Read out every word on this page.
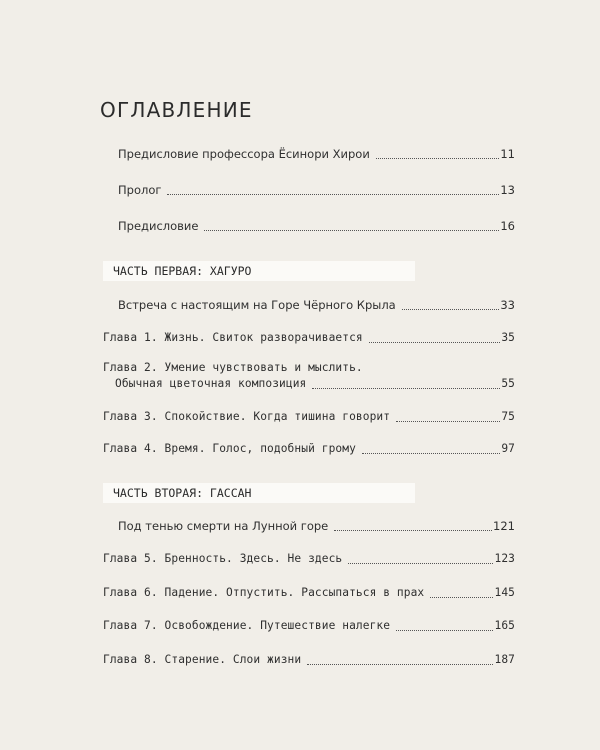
ОГЛАВЛЕНИЕ
Предисловие профессора Ёсинори Хирои	11
Пролог	13
Предисловие	16
ЧАСТЬ ПЕРВАЯ: ХАГУРО
Встреча с настоящим на Горе Чёрного Крыла	33
Глава 1. Жизнь. Свиток разворачивается	35
Глава 2. Умение чувствовать и мыслить.
Обычная цветочная композиция	55
Глава 3. Спокойствие. Когда тишина говорит	75
Глава 4. Время. Голос, подобный грому	97
ЧАСТЬ ВТОРАЯ: ГАССАН
Под тенью смерти на Лунной горе	121
Глава 5. Бренность. Здесь. Не здесь	123
Глава 6. Падение. Отпустить. Рассыпаться в прах	145
Глава 7. Освобождение. Путешествие налегке	165
Глава 8. Старение. Слои жизни	187
